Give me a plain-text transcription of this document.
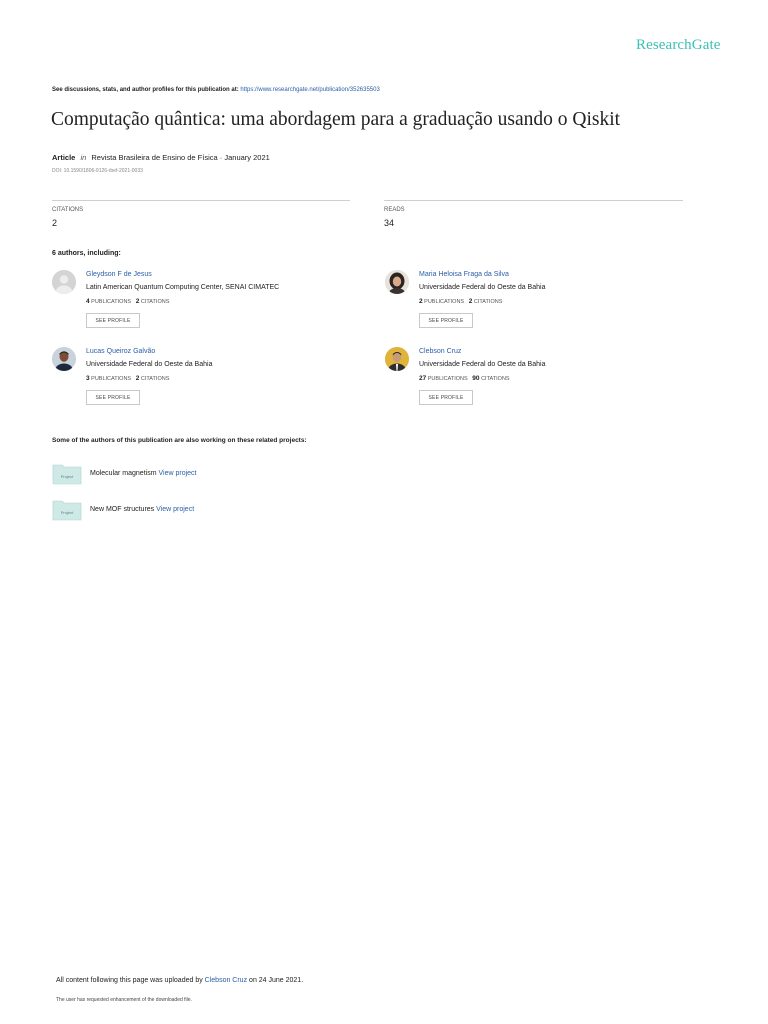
ResearchGate
See discussions, stats, and author profiles for this publication at: https://www.researchgate.net/publication/352635503
Computação quântica: uma abordagem para a graduação usando o Qiskit
Article in Revista Brasileira de Ensino de Física · January 2021
DOI: 10.1590/1806-9126-rbef-2021-0033
CITATIONS
2
READS
34
6 authors, including:
Gleydson F de Jesus
Latin American Quantum Computing Center, SENAI CIMATEC
4 PUBLICATIONS 2 CITATIONS
SEE PROFILE
Maria Heloisa Fraga da Silva
Universidade Federal do Oeste da Bahia
2 PUBLICATIONS 2 CITATIONS
SEE PROFILE
Lucas Queiroz Galvão
Universidade Federal do Oeste da Bahia
3 PUBLICATIONS 2 CITATIONS
SEE PROFILE
Clebson Cruz
Universidade Federal do Oeste da Bahia
27 PUBLICATIONS 90 CITATIONS
SEE PROFILE
Some of the authors of this publication are also working on these related projects:
Project Molecular magnetism View project
Project New MOF structures View project
All content following this page was uploaded by Clebson Cruz on 24 June 2021.
The user has requested enhancement of the downloaded file.
